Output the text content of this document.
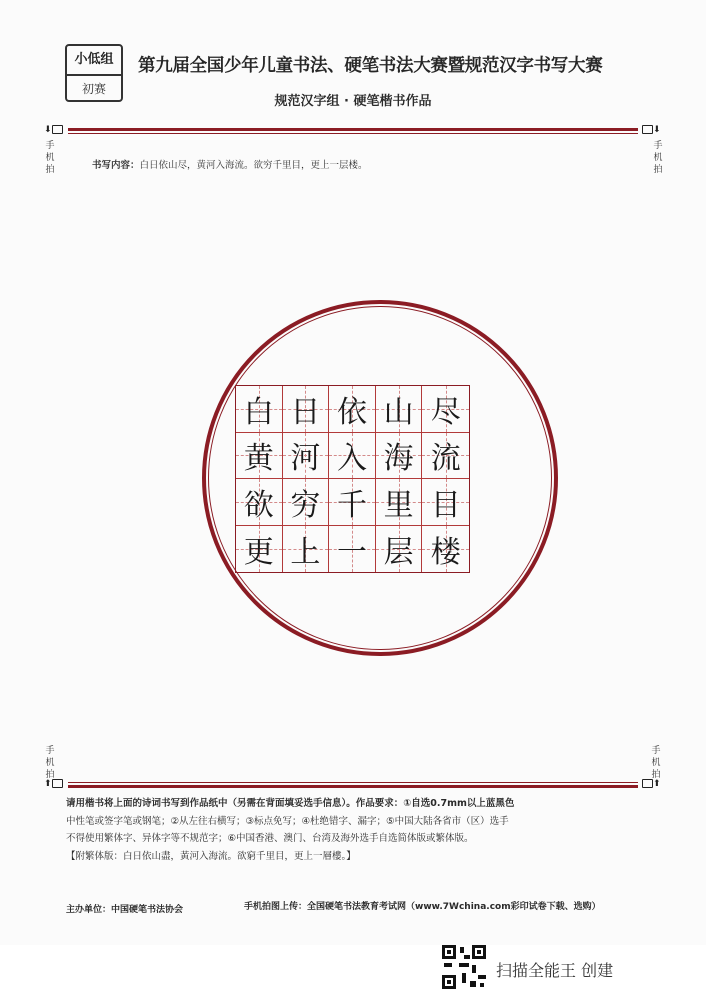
小低组
初赛
第九届全国少年儿童书法、硬笔书法大赛暨规范汉字书写大赛
规范汉字组 · 硬笔楷书作品
⬇	⬇
手
机
拍
手
机
拍
书写内容：白日依山尽，黄河入海流。欲穷千里目，更上一层楼。
白 日 依 山 尽
黄 河 入 海 流
欲 穷 千 里 目
更 上 一 层 楼
手
机
拍
手
机
拍
⬆	⬆
请用楷书将上面的诗词书写到作品纸中（另需在背面填妥选手信息）。作品要求：①自选0.7mm以上蓝黑色
中性笔或签字笔或钢笔；②从左往右横写；③标点免写；④杜绝错字、漏字；⑤中国大陆各省市（区）选手
不得使用繁体字、异体字等不规范字；⑥中国香港、澳门、台湾及海外选手自选简体版或繁体版。
【附繁体版：白日依山盡，黃河入海流。欲窮千里目，更上一層樓。】
主办单位：中国硬笔书法协会	手机拍图上传：全国硬笔书法教育考试网（www.7Wchina.com彩印试卷下载、选购）
扫描全能王 创建
